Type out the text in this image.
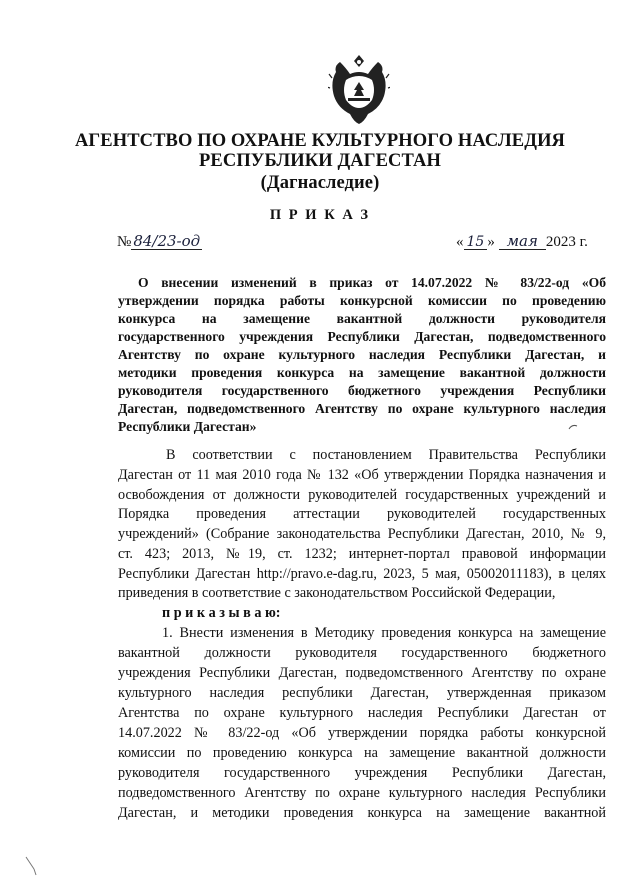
АГЕНТСТВО ПО ОХРАНЕ КУЛЬТУРНОГО НАСЛЕДИЯ
РЕСПУБЛИКИ ДАГЕСТАН
(Дагнаследие)
П Р И К А З
№ 84/23-од	« 15 » мая 2023 г.
О внесении изменений в приказ от 14.07.2022 № 83/22-од «Об
утверждении порядка работы конкурсной комиссии по проведению
конкурса на замещение вакантной должности руководителя
государственного учреждения Республики Дагестан, подведомственного
Агентству по охране культурного наследия Республики Дагестан, и
методики проведения конкурса на замещение вакантной должности
руководителя государственного бюджетного учреждения Республики
Дагестан, подведомственного Агентству по охране культурного наследия
Республики Дагестан»
В соответствии с постановлением Правительства Республики
Дагестан от 11 мая 2010 года № 132 «Об утверждении Порядка назначения и
освобождения от должности руководителей государственных учреждений и
Порядка проведения аттестации руководителей государственных
учреждений» (Собрание законодательства Республики Дагестан, 2010, № 9,
ст. 423; 2013, №19, ст. 1232; интернет-портал правовой информации
Республики Дагестан http://pravo.e-dag.ru, 2023, 5 мая, 05002011183), в целях
приведения в соответствие с законодательством Российской Федерации,
п р и к а з ы в а ю:
1. Внести изменения в Методику проведения конкурса на замещение
вакантной должности руководителя государственного бюджетного
учреждения Республики Дагестан, подведомственного Агентству по охране
культурного наследия республики Дагестан, утвержденная приказом
Агентства по охране культурного наследия Республики Дагестан от
14.07.2022 № 83/22-од «Об утверждении порядка работы конкурсной
комиссии по проведению конкурса на замещение вакантной должности
руководителя государственного учреждения Республики Дагестан,
подведомственного Агентству по охране культурного наследия Республики
Дагестан, и методики проведения конкурса на замещение вакантной
